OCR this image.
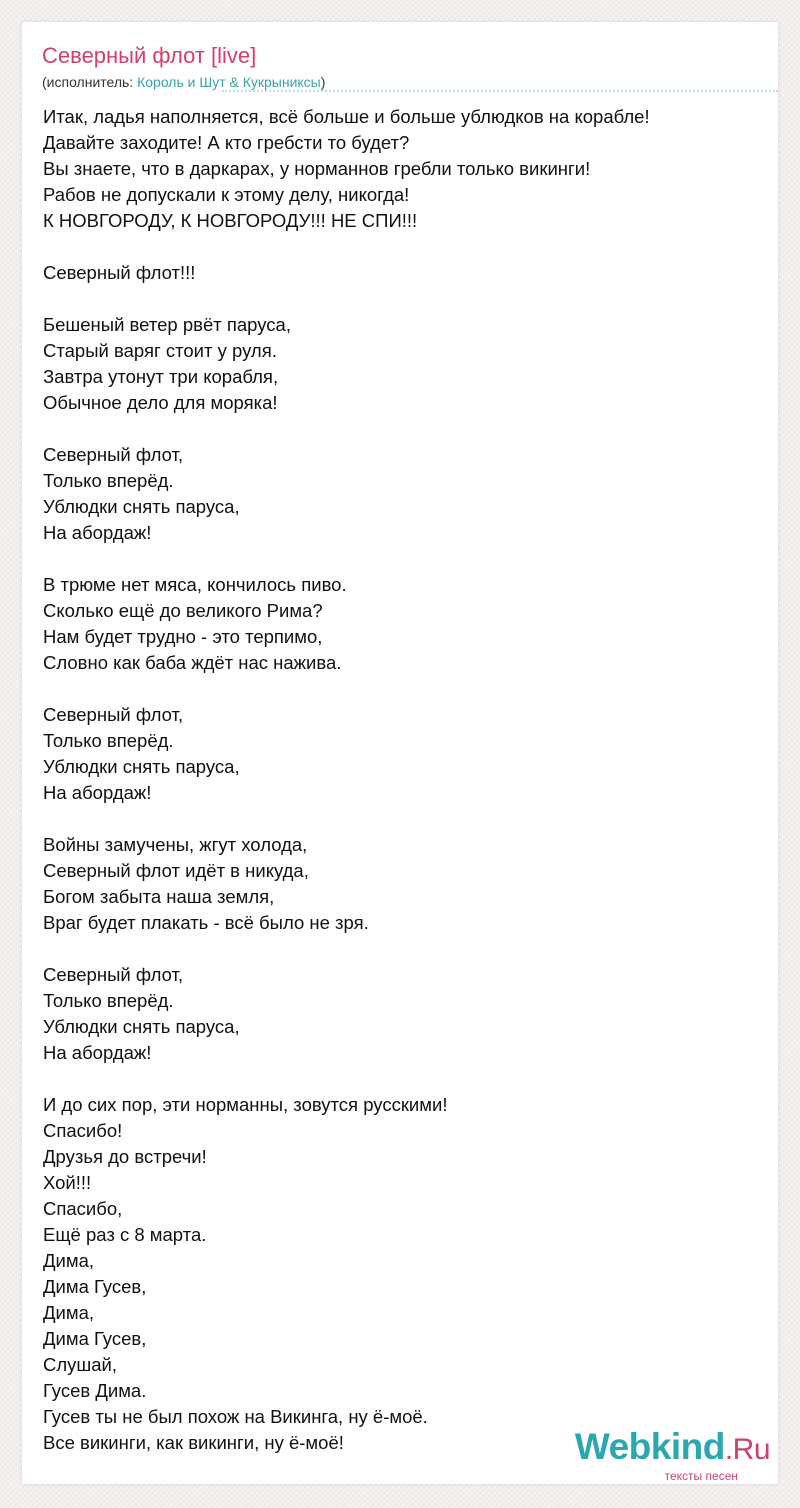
Северный флот [live]
(исполнитель: Король и Шут & Кукрыниксы)
Итак, ладья наполняется, всё больше и больше ублюдков на корабле!
Давайте заходите! А кто гребсти то будет?
Вы знаете, что в даркарах, у норманнов гребли только викинги!
Рабов не допускали к этому делу, никогда!
К НОВГОРОДУ, К НОВГОРОДУ!!! НЕ СПИ!!!
Северный флот!!!
Бешеный ветер рвёт паруса,
Старый варяг стоит у руля.
Завтра утонут три корабля,
Обычное дело для моряка!
Северный флот,
Только вперёд.
Ублюдки снять паруса,
На абордаж!
В трюме нет мяса, кончилось пиво.
Сколько ещё до великого Рима?
Нам будет трудно - это терпимо,
Словно как баба ждёт нас нажива.
Северный флот,
Только вперёд.
Ублюдки снять паруса,
На абордаж!
Войны замучены, жгут холода,
Северный флот идёт в никуда,
Богом забыта наша земля,
Враг будет плакать - всё было не зря.
Северный флот,
Только вперёд.
Ублюдки снять паруса,
На абордаж!
И до сих пор, эти норманны, зовутся русскими!
Спасибо!
Друзья до встречи!
Хой!!!
Спасибо,
Ещё раз с 8 марта.
Дима,
Дима Гусев,
Дима,
Дима Гусев,
Слушай,
Гусев Дима.
Гусев ты не был похож на Викинга, ну ё-моё.
Все викинги, как викинги, ну ё-моё!	Webkind.Ru
тексты песен
